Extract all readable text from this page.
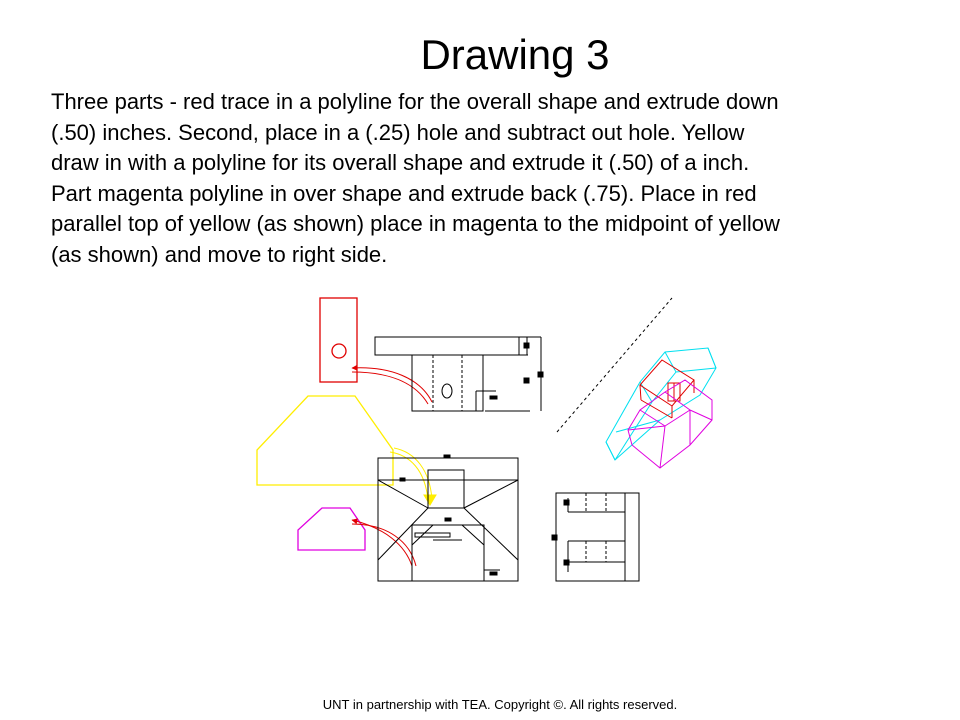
Drawing 3
Three parts - red trace in a polyline for the overall shape and extrude down
(.50) inches. Second, place in a (.25) hole and subtract out hole. Yellow
draw in with a polyline for its overall shape and extrude it (.50) of a inch.
Part magenta polyline in over shape and extrude back (.75). Place in red
parallel top of yellow (as shown) place in magenta to the midpoint of yellow
(as shown) and move to right side.
UNT in partnership with TEA. Copyright ©. All rights reserved.
